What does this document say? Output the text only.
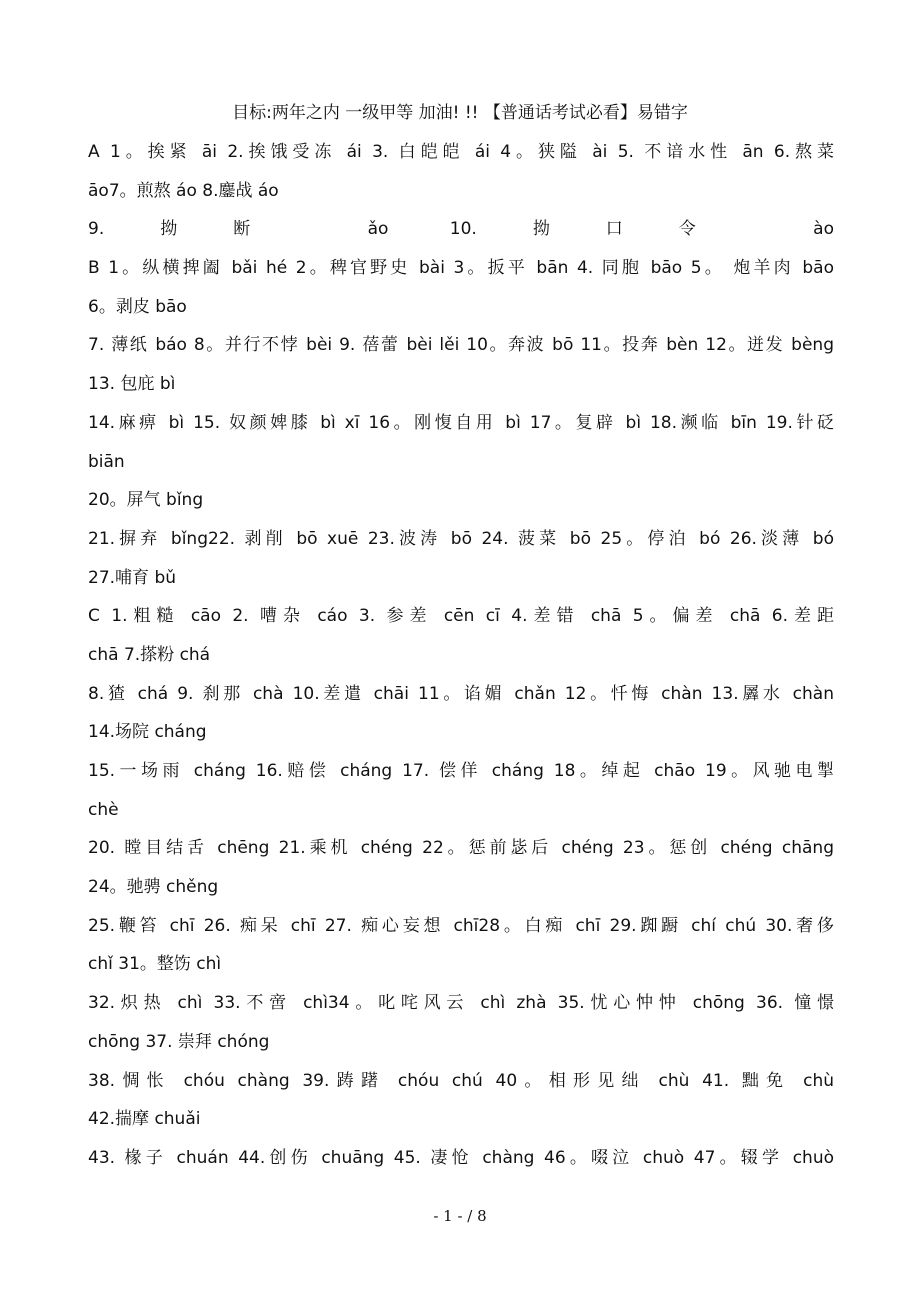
目标:两年之内 一级甲等 加油! !! 【普通话考试必看】易错字
A 1。挨紧 āi 2.挨饿受冻 ái 3. 白皑皑 ái 4。狭隘 ài 5. 不谙水性 ān 6.熬菜
āo7。煎熬 áo 8.鏖战 áo
9.拗断 ǎo 10.拗口令 ào
B 1。纵横捭阖 bǎi hé 2。稗官野史 bài 3。扳平 bān 4. 同胞 bāo 5。 炮羊肉 bāo
6。剥皮 bāo
7. 薄纸 báo 8。并行不悖 bèi 9. 蓓蕾 bèi lěi 10。奔波 bō 11。投奔 bèn 12。迸发 bèng
13. 包庇 bì
14.麻痹 bì 15. 奴颜婢膝 bì xī 16。刚愎自用 bì 17。复辟 bì 18.濒临 bīn 19.针砭
biān
20。屏气 bǐng
21.摒弃 bǐng22. 剥削 bō xuē 23.波涛 bō 24. 菠菜 bō 25。停泊 bó 26.淡薄 bó
27.哺育 bǔ
C 1.粗糙 cāo 2. 嘈杂 cáo 3. 参差 cēn cī 4.差错 chā 5。偏差 chā 6.差距
chā 7.搽粉 chá
8.猹 chá 9. 刹那 chà 10.差遣 chāi 11。谄媚 chǎn 12。忏悔 chàn 13.羼水 chàn
14.场院 cháng
15.一场雨 cháng 16.赔偿 cháng 17. 偿佯 cháng 18。绰起 chāo 19。风驰电掣
chè
20. 瞠目结舌 chēng 21.乘机 chéng 22。惩前毖后 chéng 23。惩创 chéng chāng
24。驰骋 chěng
25.鞭笞 chī 26. 痴呆 chī 27. 痴心妄想 chī28。白痴 chī 29.踟蹰 chí chú 30.奢侈
chǐ 31。整饬 chì
32.炽热 chì 33.不啻 chì34。叱咤风云 chì zhà 35.忧心忡忡 chōng 36. 憧憬
chōng 37. 崇拜 chóng
38.惆怅 chóu chàng 39.踌躇 chóu chú 40。相形见绌 chù 41. 黜免 chù
42.揣摩 chuǎi
43. 椽子 chuán 44.创伤 chuāng 45. 凄怆 chàng 46。啜泣 chuò 47。辍学 chuò
- 1 - / 8
